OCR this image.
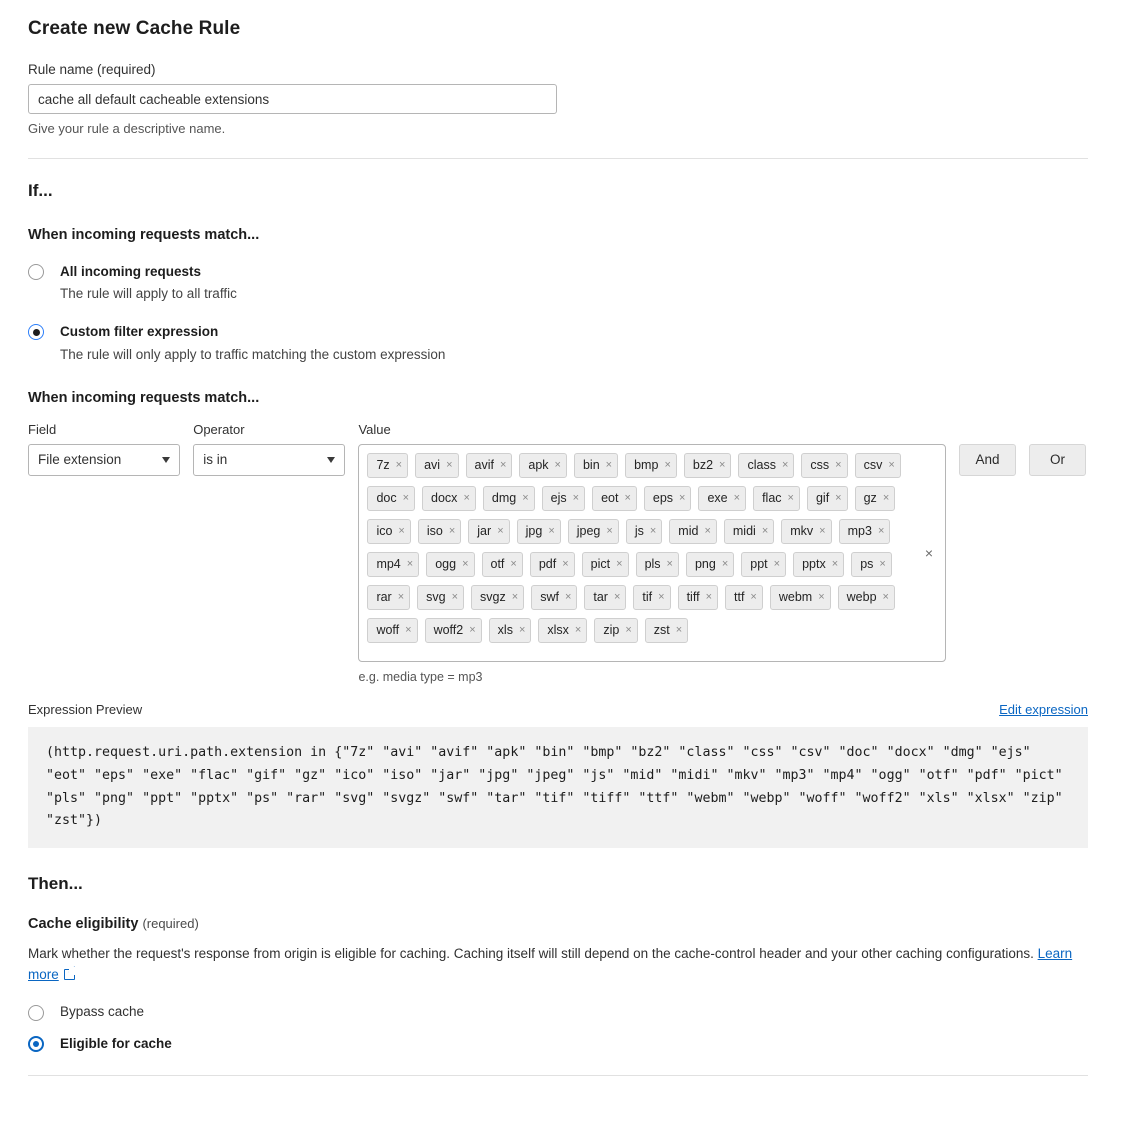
Create new Cache Rule
Rule name (required)
cache all default cacheable extensions
Give your rule a descriptive name.
If...
When incoming requests match...
All incoming requests
The rule will apply to all traffic
Custom filter expression
The rule will only apply to traffic matching the custom expression
When incoming requests match...
Field
File extension
Operator
is in
Value
7z × avi × avif × apk × bin × bmp × bz2 × class × css × csv ×
doc × docx × dmg × ejs × eot × eps × exe × flac × gif × gz ×
ico × iso × jar × jpg × jpeg × js × mid × midi × mkv × mp3 ×
mp4 × ogg × otf × pdf × pict × pls × png × ppt × pptx × ps ×
rar × svg × svgz × swf × tar × tif × tiff × ttf × webm × webp ×
woff × woff2 × xls × xlsx × zip × zst ×
×
e.g. media type = mp3
And	Or
Expression Preview	Edit expression
(http.request.uri.path.extension in {"7z" "avi" "avif" "apk" "bin" "bmp" "bz2" "class" "css" "csv" "doc" "docx" "dmg" "ejs" "eot" "eps" "exe" "flac" "gif" "gz" "ico" "iso" "jar" "jpg" "jpeg" "js" "mid" "midi" "mkv" "mp3" "mp4" "ogg" "otf" "pdf" "pict" "pls" "png" "ppt" "pptx" "ps" "rar" "svg" "svgz" "swf" "tar" "tif" "tiff" "ttf" "webm" "webp" "woff" "woff2" "xls" "xlsx" "zip" "zst"})
Then...
Cache eligibility (required)
Mark whether the request's response from origin is eligible for caching. Caching itself will still depend on the cache-control header and your other caching configurations. Learn more
Bypass cache
Eligible for cache
